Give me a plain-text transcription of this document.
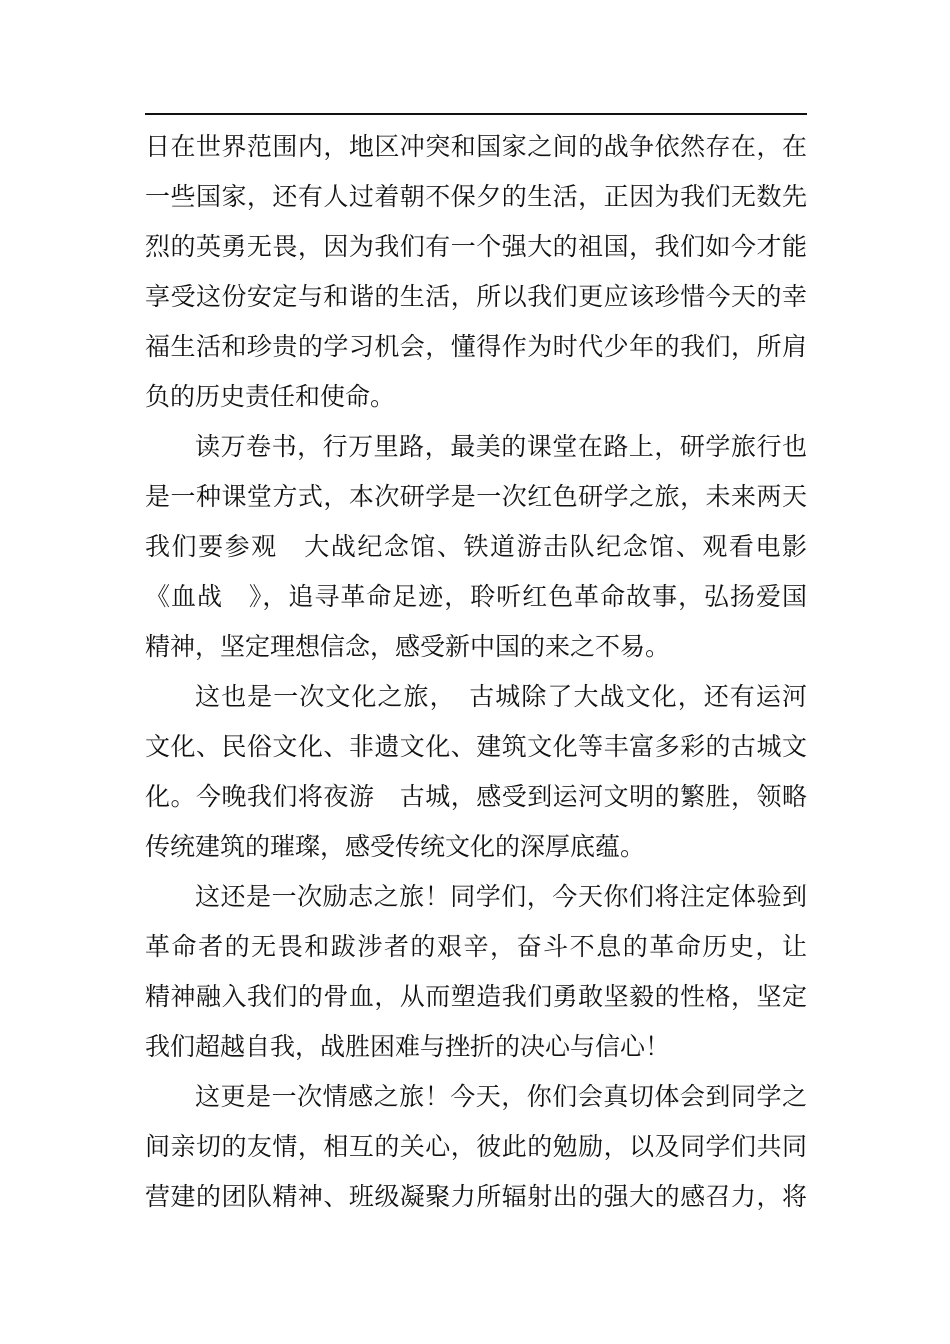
日在世界范围内，地区冲突和国家之间的战争依然存在，在
一些国家，还有人过着朝不保夕的生活，正因为我们无数先
烈的英勇无畏，因为我们有一个强大的祖国，我们如今才能
享受这份安定与和谐的生活，所以我们更应该珍惜今天的幸
福生活和珍贵的学习机会，懂得作为时代少年的我们，所肩
负的历史责任和使命。
读万卷书，行万里路，最美的课堂在路上，研学旅行也
是一种课堂方式，本次研学是一次红色研学之旅，未来两天
我们要参观　大战纪念馆、铁道游击队纪念馆、观看电影
《血战　》，追寻革命足迹，聆听红色革命故事，弘扬爱国
精神，坚定理想信念，感受新中国的来之不易。
这也是一次文化之旅，　古城除了大战文化，还有运河
文化、民俗文化、非遗文化、建筑文化等丰富多彩的古城文
化。今晚我们将夜游　古城，感受到运河文明的繁胜，领略
传统建筑的璀璨，感受传统文化的深厚底蕴。
这还是一次励志之旅！同学们，今天你们将注定体验到
革命者的无畏和跋涉者的艰辛，奋斗不息的革命历史，让
精神融入我们的骨血，从而塑造我们勇敢坚毅的性格，坚定
我们超越自我，战胜困难与挫折的决心与信心！
这更是一次情感之旅！今天，你们会真切体会到同学之
间亲切的友情，相互的关心，彼此的勉励，以及同学们共同
营建的团队精神、班级凝聚力所辐射出的强大的感召力，将
